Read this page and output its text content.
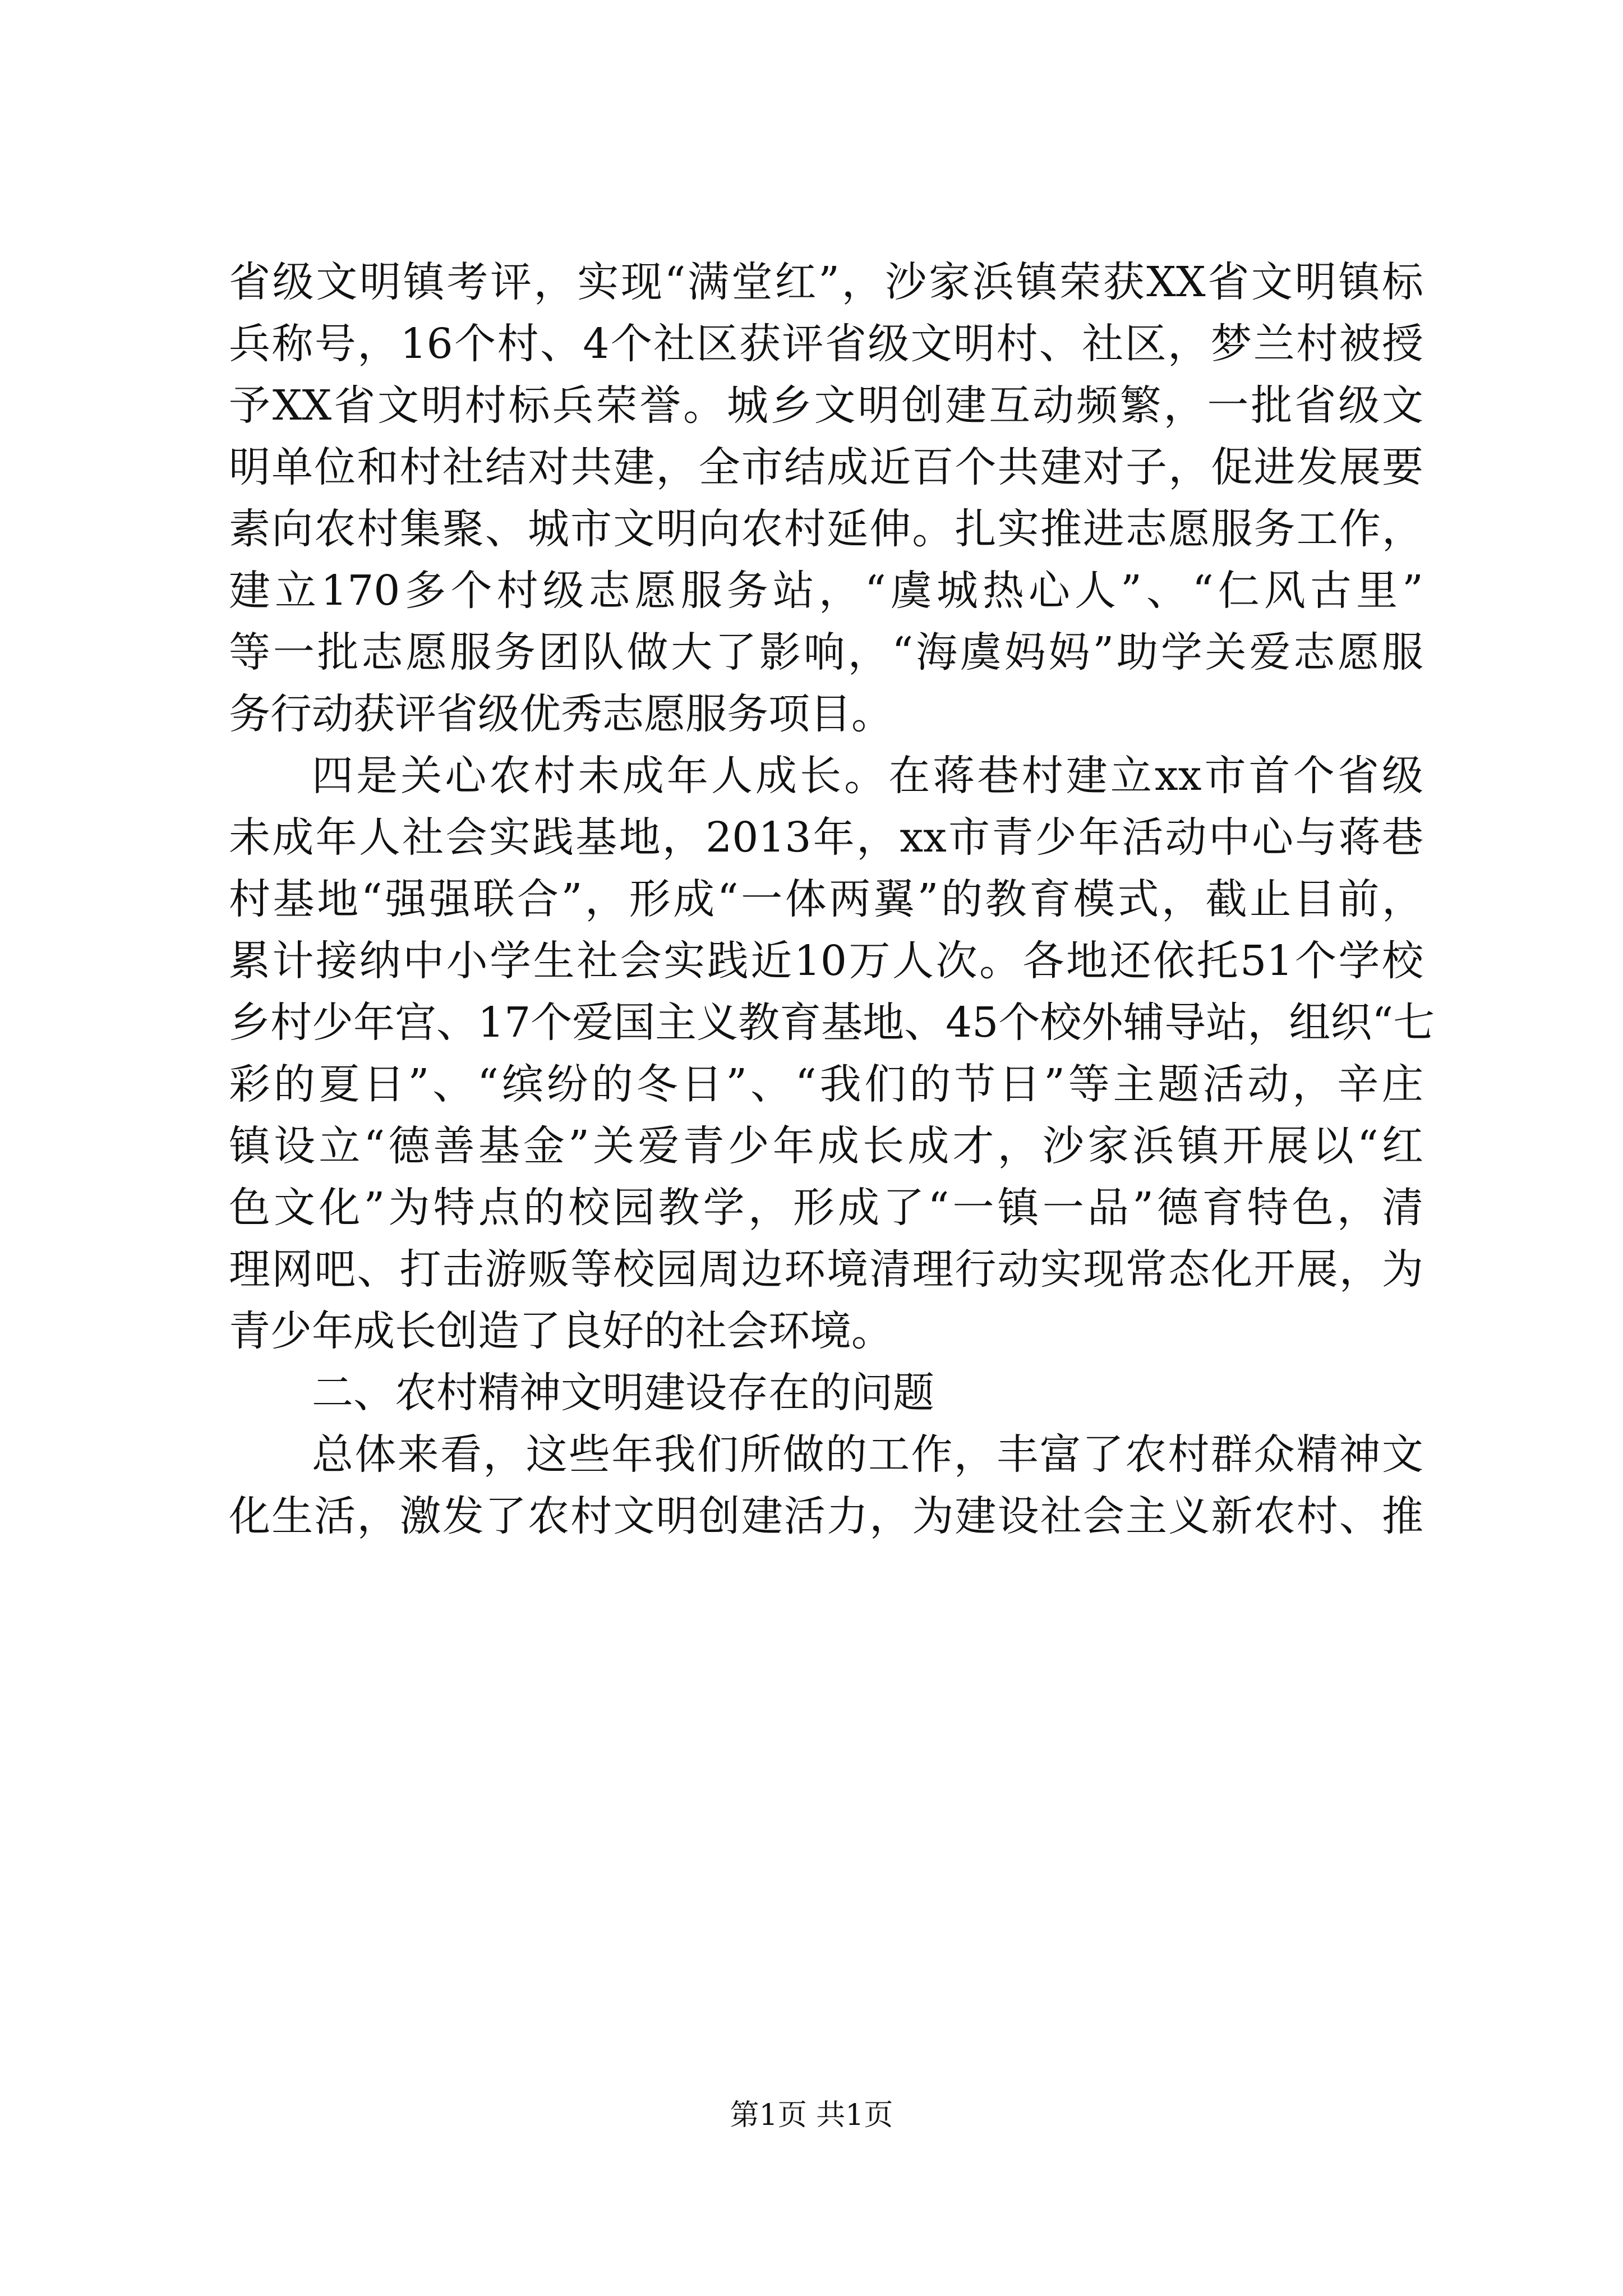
省级文明镇考评，实现“满堂红”，沙家浜镇荣获XX省文明镇标
兵称号，16个村、4个社区获评省级文明村、社区，梦兰村被授
予XX省文明村标兵荣誉。城乡文明创建互动频繁，一批省级文
明单位和村社结对共建，全市结成近百个共建对子，促进发展要
素向农村集聚、城市文明向农村延伸。扎实推进志愿服务工作，
建立170多个村级志愿服务站，“虞城热心人”、“仁风古里”
等一批志愿服务团队做大了影响，“海虞妈妈”助学关爱志愿服
务行动获评省级优秀志愿服务项目。
四是关心农村未成年人成长。在蒋巷村建立xx市首个省级
未成年人社会实践基地，2013年，xx市青少年活动中心与蒋巷
村基地“强强联合”，形成“一体两翼”的教育模式，截止目前，
累计接纳中小学生社会实践近10万人次。各地还依托51个学校
乡村少年宫、17个爱国主义教育基地、45个校外辅导站，组织“七
彩的夏日”、“缤纷的冬日”、“我们的节日”等主题活动，辛庄
镇设立“德善基金”关爱青少年成长成才，沙家浜镇开展以“红
色文化”为特点的校园教学，形成了“一镇一品”德育特色，清
理网吧、打击游贩等校园周边环境清理行动实现常态化开展，为
青少年成长创造了良好的社会环境。
二、农村精神文明建设存在的问题
总体来看，这些年我们所做的工作，丰富了农村群众精神文
化生活，激发了农村文明创建活力，为建设社会主义新农村、推
第1页 共1页
